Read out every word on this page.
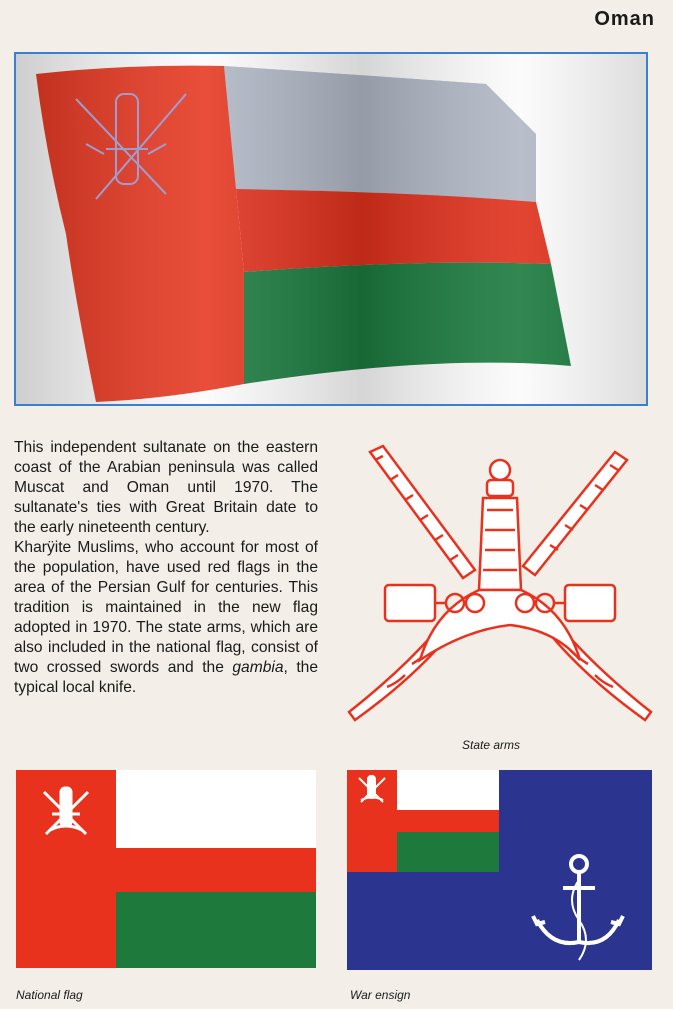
Oman

This independent sultanate on the eastern coast of the Arabian peninsula was called Muscat and Oman until 1970. The sultanate's ties with Great Britain date to the early nineteenth century.

Kharÿite Muslims, who account for most of the population, have used red flags in the area of the Persian Gulf for centuries. This tradition is maintained in the new flag adopted in 1970. The state arms, which are also included in the national flag, consist of two crossed swords and the gambia, the typical local knife.

State arms
National flag	War ensign
